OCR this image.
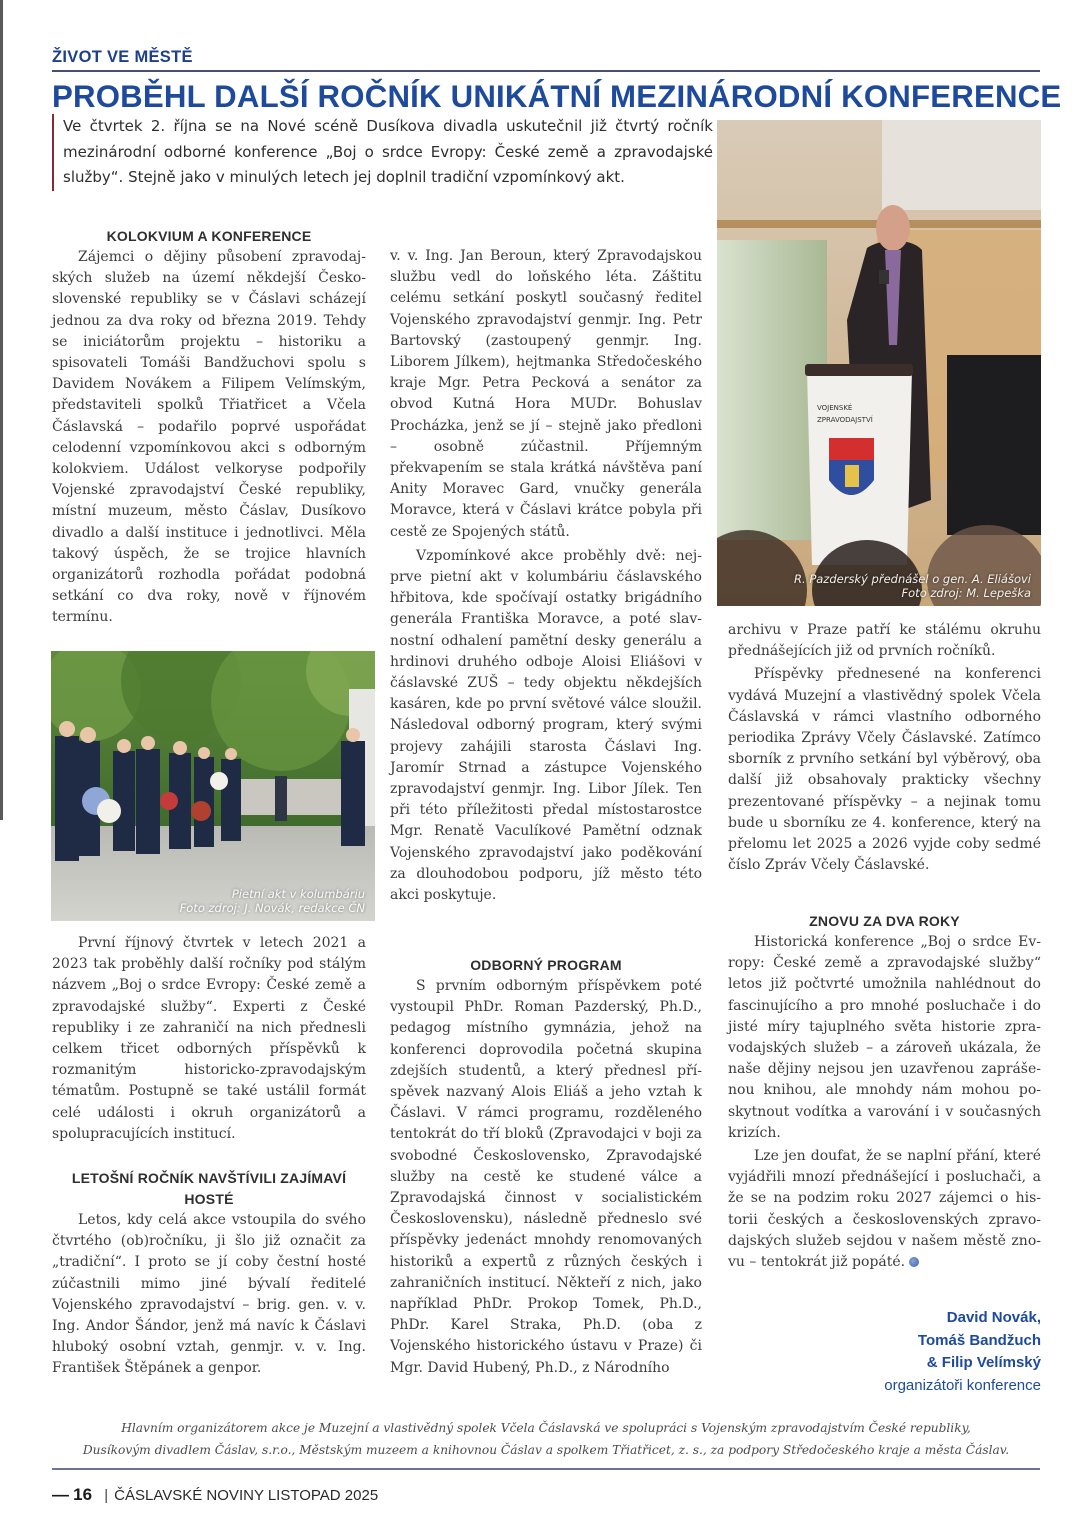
ŽIVOT VE MĚSTĚ
PROBĚHL DALŠÍ ROČNÍK UNIKÁTNÍ MEZINÁRODNÍ KONFERENCE
Ve čtvrtek 2. října se na Nové scéně Dusíkova divadla uskutečnil již čtvrtý ročník mezinárodní odborné konference „Boj o srdce Evropy: České země a zpravodajské služby“. Stejně jako v minulých letech jej doplnil tradiční vzpomínkový akt.
KOLOKVIUM A KONFERENCE

Zájemci o dějiny působení zpravodajských služeb na území někdejší Československé republiky se v Čáslavi scházejí jednou za dva roky od března 2019. Tehdy se iniciátorům projektu – historiku a spisovateli Tomáši Bandžuchovi spolu s Davidem Novákem a Filipem Velímským, představiteli spolků Třiatřicet a Včela Čáslavská – podařilo poprvé uspořádat celodenní vzpomínkovou akci s odborným kolokviem. Událost velkoryse podpořily Vojenské zpravodajství České republiky, místní muzeum, město Čáslav, Dusíkovo divadlo a další instituce i jednotlivci. Měla takový úspěch, že se trojice hlavních organizátorů rozhodla pořádat podobná setkání co dva roky, nově v říjnovém termínu.

Pietní akt v kolumbáriu
Foto zdroj: J. Novák, redakce ČN

První říjnový čtvrtek v letech 2021 a 2023 tak proběhly další ročníky pod stálým názvem „Boj o srdce Evropy: České země a zpravodajské služby“. Experti z České republiky i ze zahraničí na nich přednesli celkem třicet odborných příspěvků k rozmanitým historicko-zpravodajským tématům. Postupně se také ustálil formát celé události i okruh organizátorů a spolupracujících institucí.

LETOŠNÍ ROČNÍK NAVŠTÍVILI ZAJÍMAVÍ HOSTÉ

Letos, kdy celá akce vstoupila do svého čtvrtého (ob)ročníku, ji šlo již označit za „tradiční“. I proto se jí coby čestní hosté zúčastnili mimo jiné bývalí ředitelé Vojenského zpravodajství – brig. gen. v. v. Ing. Andor Šándor, jenž má navíc k Čáslavi hluboký osobní vztah, genmjr. v. v. Ing. František Štěpánek a genpor.

v. v. Ing. Jan Beroun, který Zpravodajskou službu vedl do loňského léta. Záštitu celému setkání poskytl současný ředitel Vojenského zpravodajství genmjr. Ing. Petr Bartovský (zastoupený genmjr. Ing. Liborem Jílkem), hejtmanka Středočeského kraje Mgr. Petra Pecková a senátor za obvod Kutná Hora MUDr. Bohuslav Procházka, jenž se jí – stejně jako předloni – osobně zúčastnil. Příjemným překvapením se stala krátká návštěva paní Anity Moravec Gard, vnučky generála Moravce, která v Čáslavi krátce pobyla při cestě ze Spojených států.

Vzpomínkové akce proběhly dvě: nejprve pietní akt v kolumbáriu čáslavského hřbitova, kde spočívají ostatky brigádního generála Františka Moravce, a poté slavnostní odhalení pamětní desky generálu a hrdinovi druhého odboje Aloisi Eliášovi v čáslavské ZUŠ – tedy objektu někdejších kasáren, kde po první světové válce sloužil. Následoval odborný program, který svými projevy zahájili starosta Čáslavi Ing. Jaromír Strnad a zástupce Vojenského zpravodajství genmjr. Ing. Libor Jílek. Ten při této příležitosti předal místostarostce Mgr. Renatě Vaculíkové Pamětní odznak Vojenského zpravodajství jako poděkování za dlouhodobou podporu, jíž město této akci poskytuje.

ODBORNÝ PROGRAM

S prvním odborným příspěvkem poté vystoupil PhDr. Roman Pazderský, Ph.D., pedagog místního gymnázia, jehož na konferenci doprovodila početná skupina zdejších studentů, a který přednesl příspěvek nazvaný Alois Eliáš a jeho vztah k Čáslavi. V rámci programu, rozděleného tentokrát do tří bloků (Zpravodajci v boji za svobodné Československo, Zpravodajské služby na cestě ke studené válce a Zpravodajská činnost v socialistickém Československu), následně předneslo své příspěvky jedenáct mnohdy renomovaných historiků a expertů z různých českých i zahraničních institucí. Někteří z nich, jako například PhDr. Prokop Tomek, Ph.D., PhDr. Karel Straka, Ph.D. (oba z Vojenského historického ústavu v Praze) či Mgr. David Hubený, Ph.D., z Národního

VOJENSKÉ
ZPRAVODAJSTVÍ
R. Pazderský přednášel o gen. A. Eliášovi
Foto zdroj: M. Lepeška

archivu v Praze patří ke stálému okruhu přednášejících již od prvních ročníků.

Příspěvky přednesené na konferenci vydává Muzejní a vlastivědný spolek Včela Čáslavská v rámci vlastního odborného periodika Zprávy Včely Čáslavské. Zatímco sborník z prvního setkání byl výběrový, oba další již obsahovaly prakticky všechny prezentované příspěvky – a nejinak tomu bude u sborníku ze 4. konference, který na přelomu let 2025 a 2026 vyjde coby sedmé číslo Zpráv Včely Čáslavské.

ZNOVU ZA DVA ROKY

Historická konference „Boj o srdce Evropy: České země a zpravodajské služby“ letos již počtvrté umožnila nahlédnout do fascinujícího a pro mnohé posluchače i do jisté míry tajuplného světa historie zpravodajských služeb – a zároveň ukázala, že naše dějiny nejsou jen uzavřenou zaprášenou knihou, ale mnohdy nám mohou poskytnout vodítka a varování i v současných krizích.

Lze jen doufat, že se naplní přání, které vyjádřili mnozí přednášející i posluchači, a že se na podzim roku 2027 zájemci o historii českých a československých zpravodajských služeb sejdou v našem městě znovu – tentokrát již popáté.

David Novák,
Tomáš Bandžuch
& Filip Velímský
organizátoři konference
Hlavním organizátorem akce je Muzejní a vlastivědný spolek Včela Čáslavská ve spolupráci s Vojenským zpravodajstvím České republiky,
Dusíkovým divadlem Čáslav, s.r.o., Městským muzeem a knihovnou Čáslav a spolkem Třiatřicet, z. s., za podpory Středočeského kraje a města Čáslav.
— 16 | ČÁSLAVSKÉ NOVINY LISTOPAD 2025
